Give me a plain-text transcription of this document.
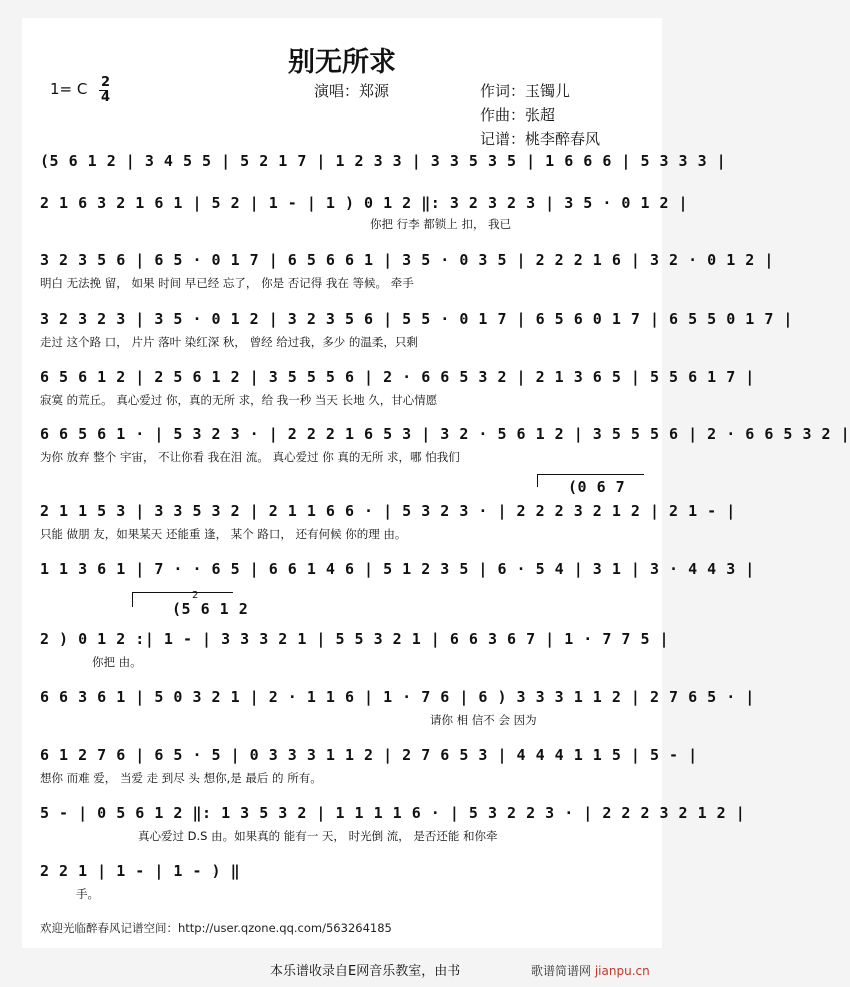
别无所求
1= C 2
4	演唱：郑源	作词：玉镯儿
作曲：张超
记谱：桃李醉春风
(5 6 1 2 | 3 4 5 5 | 5 2 1 7 | 1 2 3 3 | 3 3 5 3 5 | 1 6 6 6 | 5 3 3 3 |
2 1 6 3 2 1 6 1 | 5 2 | 1 - | 1 ) 0 1 2 ‖: 3 2 3 2 3 | 3 5 · 0 1 2 |
你把 行李 都锁上 扣， 我已
3 2 3 5 6 | 6 5 · 0 1 7 | 6 5 6 6 1 | 3 5 · 0 3 5 | 2 2 2 1 6 | 3 2 · 0 1 2 |
明白 无法挽 留， 如果 时间 早已经 忘了， 你是 否记得 我在 等候。 牵手
3 2 3 2 3 | 3 5 · 0 1 2 | 3 2 3 5 6 | 5 5 · 0 1 7 | 6 5 6 0 1 7 | 6 5 5 0 1 7 |
走过 这个路 口， 片片 落叶 染红深 秋， 曾经 给过我，多少 的温柔，只剩
6 5 6 1 2 | 2 5 6 1 2 | 3 5 5 5 6 | 2 · 6 6 5 3 2 | 2 1 3 6 5 | 5 5 6 1 7 |
寂寞 的荒丘。 真心爱过 你，真的无所 求，给 我一秒 当天 长地 久，甘心情愿
6 6 5 6 1 · | 5 3 2 3 · | 2 2 2 1 6 5 3 | 3 2 · 5 6 1 2 | 3 5 5 5 6 | 2 · 6 6 5 3 2 |
为你 放弃 整个 宇宙， 不让你看 我在泪 流。 真心爱过 你 真的无所 求，哪 怕我们
(0 6 7
2 1 1 5 3 | 3 3 5 3 2 | 2 1 1 6 6 · | 5 3 2 3 · | 2 2 2 3 2 1 2 | 2 1 - |
只能 做朋 友，如果某天 还能重 逢， 某个 路口， 还有何候 你的理 由。
1 1 3 6 1 | 7 · · 6 5 | 6 6 1 4 6 | 5 1 2 3 5 | 6 · 5 4 | 3 1 | 3 · 4 4 3 |
2
(5 6 1 2
2 ) 0 1 2 :| 1 - | 3 3 3 2 1 | 5 5 3 2 1 | 6 6 3 6 7 | 1 · 7 7 5 |
你把 由。
6 6 3 6 1 | 5 0 3 2 1 | 2 · 1 1 6 | 1 · 7 6 | 6 ) 3 3 3 1 1 2 | 2 7 6 5 · |
请你 相 信不 会 因为
6 1 2 7 6 | 6 5 · 5 | 0 3 3 3 1 1 2 | 2 7 6 5 3 | 4 4 4 1 1 5 | 5 - |
想你 而难 爱， 当爱 走 到尽 头 想你,是 最后 的 所有。
5 - | 0 5 6 1 2 ‖: 1 3 5 3 2 | 1 1 1 1 6 · | 5 3 2 2 3 · | 2 2 2 3 2 1 2 |
真心爱过 D.S 由。如果真的 能有一 天， 时光倒 流， 是否还能 和你牵
2 2 1 | 1 - | 1 - ) ‖
手。
欢迎光临醉春风记谱空间：http://user.qzone.qq.com/563264185
本乐谱收录自E网音乐教室，由书	歌谱简谱网 jianpu.cn
